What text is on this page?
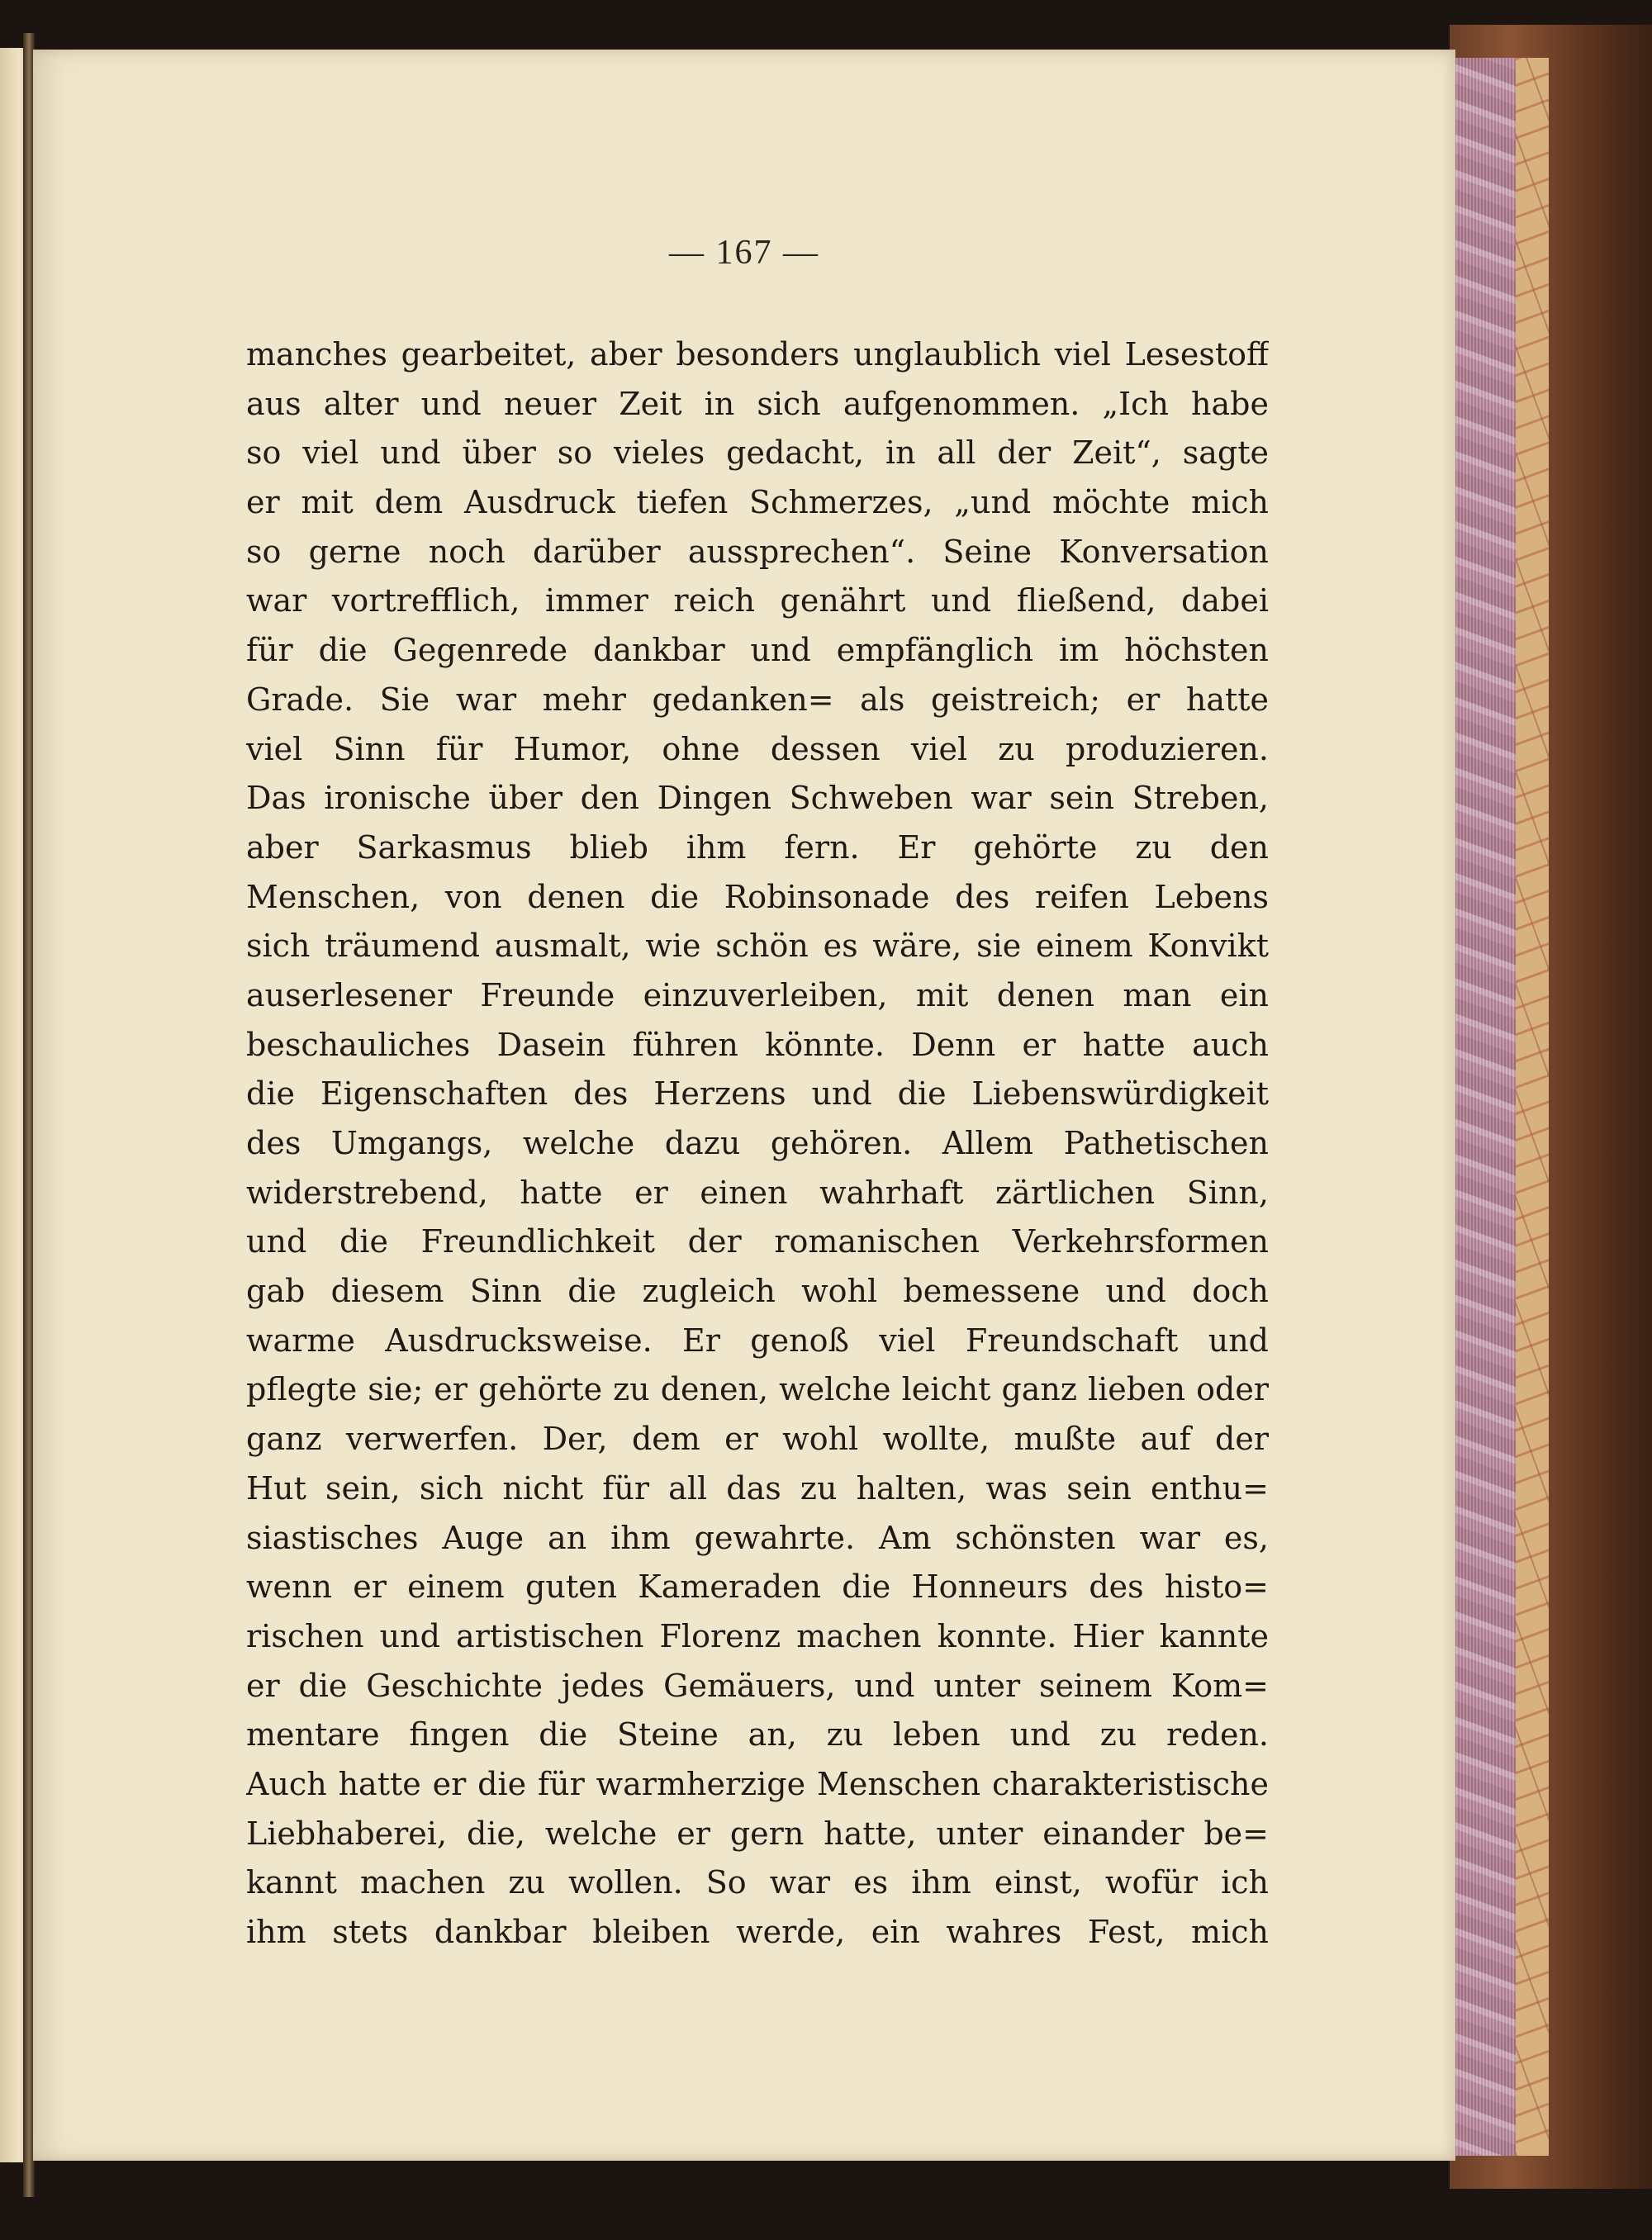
— 167 —
manches gearbeitet, aber besonders unglaublich viel Lesestoff
aus alter und neuer Zeit in sich aufgenommen. „Ich habe
so viel und über so vieles gedacht, in all der Zeit“, sagte
er mit dem Ausdruck tiefen Schmerzes, „und möchte mich
so gerne noch darüber aussprechen“. Seine Konversation
war vortrefflich, immer reich genährt und fließend, dabei
für die Gegenrede dankbar und empfänglich im höchsten
Grade. Sie war mehr gedanken= als geistreich; er hatte
viel Sinn für Humor, ohne dessen viel zu produzieren.
Das ironische über den Dingen Schweben war sein Streben,
aber Sarkasmus blieb ihm fern. Er gehörte zu den
Menschen, von denen die Robinsonade des reifen Lebens
sich träumend ausmalt, wie schön es wäre, sie einem Konvikt
auserlesener Freunde einzuverleiben, mit denen man ein
beschauliches Dasein führen könnte. Denn er hatte auch
die Eigenschaften des Herzens und die Liebenswürdigkeit
des Umgangs, welche dazu gehören. Allem Pathetischen
widerstrebend, hatte er einen wahrhaft zärtlichen Sinn,
und die Freundlichkeit der romanischen Verkehrsformen
gab diesem Sinn die zugleich wohl bemessene und doch
warme Ausdrucksweise. Er genoß viel Freundschaft und
pflegte sie; er gehörte zu denen, welche leicht ganz lieben oder
ganz verwerfen. Der, dem er wohl wollte, mußte auf der
Hut sein, sich nicht für all das zu halten, was sein enthu=
siastisches Auge an ihm gewahrte. Am schönsten war es,
wenn er einem guten Kameraden die Honneurs des histo=
rischen und artistischen Florenz machen konnte. Hier kannte
er die Geschichte jedes Gemäuers, und unter seinem Kom=
mentare fingen die Steine an, zu leben und zu reden.
Auch hatte er die für warmherzige Menschen charakteristische
Liebhaberei, die, welche er gern hatte, unter einander be=
kannt machen zu wollen. So war es ihm einst, wofür ich
ihm stets dankbar bleiben werde, ein wahres Fest, mich
